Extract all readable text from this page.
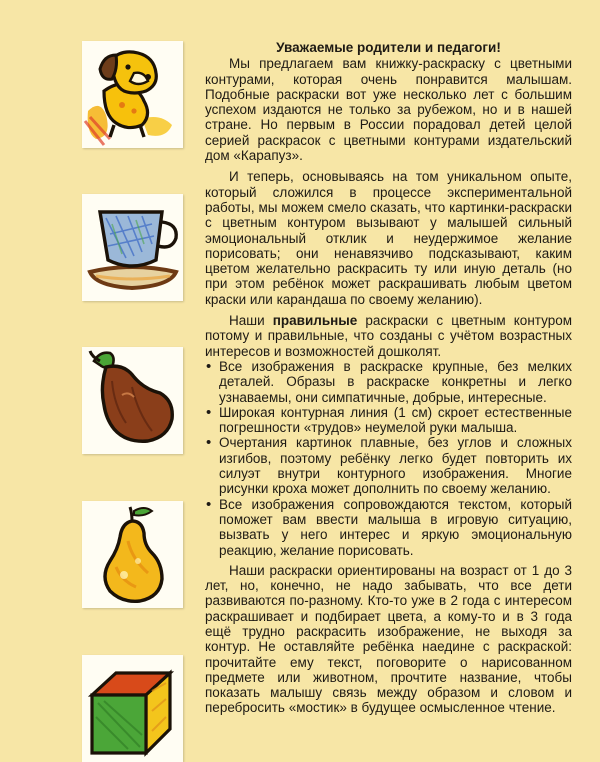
Уважаемые родители и педагоги!

Мы предлагаем вам книжку-раскраску с цветными контурами, которая очень понравится малышам. Подобные раскраски вот уже несколько лет с большим успехом издаются не только за рубежом, но и в нашей стране. Но первым в России порадовал детей целой серией раскрасок с цветными контурами издательский дом «Карапуз».

И теперь, основываясь на том уникальном опыте, который сложился в процессе экспериментальной работы, мы можем смело сказать, что картинки-раскраски с цветным контуром вызывают у малышей сильный эмоциональный отклик и неудержимое желание порисовать; они ненавязчиво подсказывают, каким цветом желательно раскрасить ту или иную деталь (но при этом ребёнок может раскрашивать любым цветом краски или карандаша по своему желанию).

Наши правильные раскраски с цветным контуром потому и правильные, что созданы с учётом возрастных интересов и возможностей дошколят.

• Все изображения в раскраске крупные, без мелких деталей. Образы в раскраске конкретны и легко узнаваемы, они симпатичные, добрые, интересные.
• Широкая контурная линия (1 см) скроет естественные погрешности «трудов» неумелой руки малыша.
• Очертания картинок плавные, без углов и сложных изгибов, поэтому ребёнку легко будет повторить их силуэт внутри контурного изображения. Многие рисунки кроха может дополнить по своему желанию.
• Все изображения сопровождаются текстом, который поможет вам ввести малыша в игровую ситуацию, вызвать у него интерес и яркую эмоциональную реакцию, желание порисовать.

Наши раскраски ориентированы на возраст от 1 до 3 лет, но, конечно, не надо забывать, что все дети развиваются по-разному. Кто-то уже в 2 года с интересом раскрашивает и подбирает цвета, а кому-то и в 3 года ещё трудно раскрасить изображение, не выходя за контур. Не оставляйте ребёнка наедине с раскраской: прочитайте ему текст, поговорите о нарисованном предмете или животном, прочтите название, чтобы показать малышу связь между образом и словом и перебросить «мостик» в будущее осмысленное чтение.
